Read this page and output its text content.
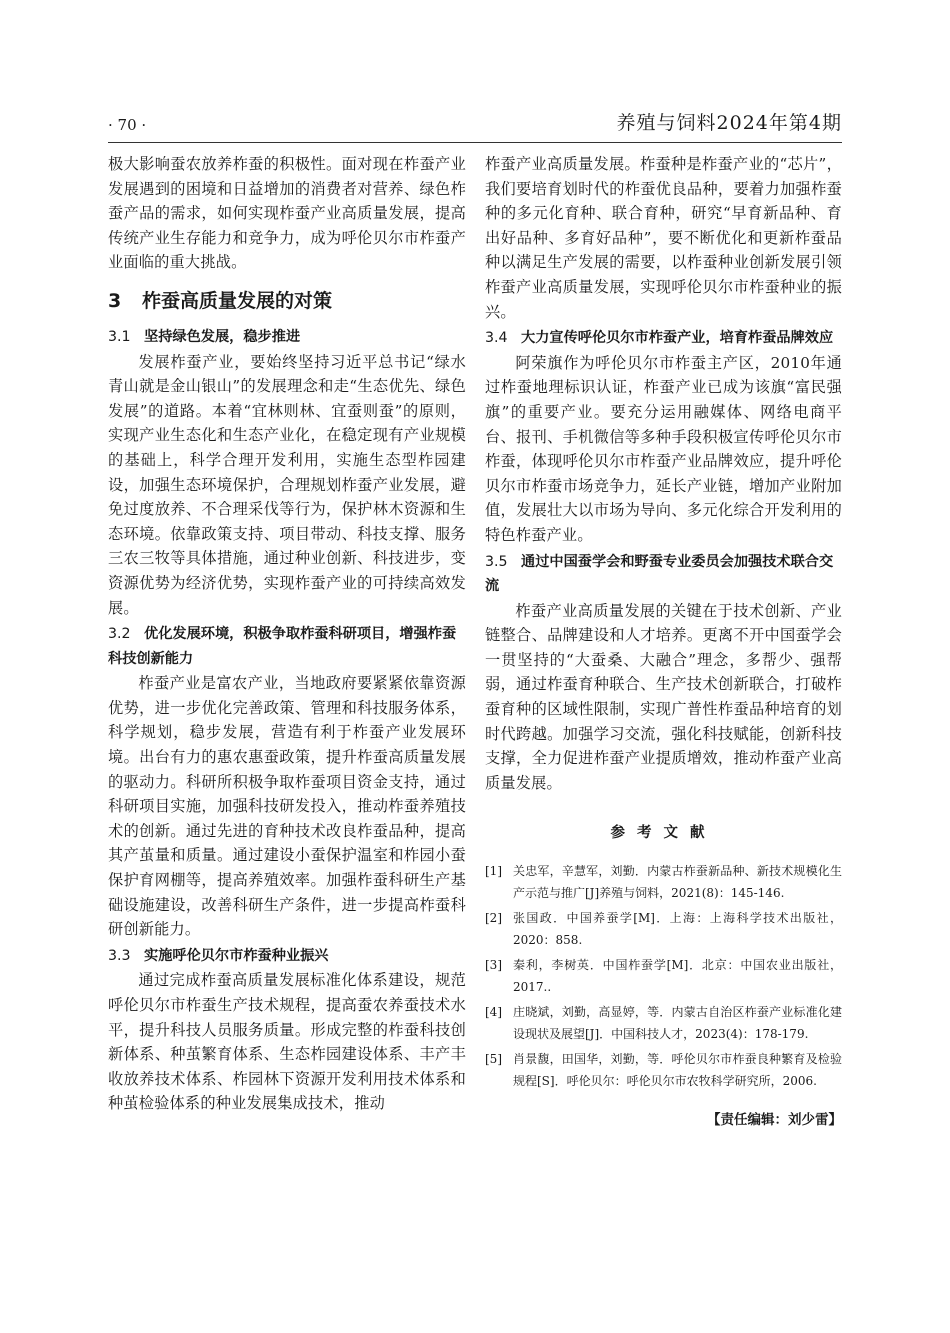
· 70 ·	养殖与饲料2024年第4期

极大影响蚕农放养柞蚕的积极性。面对现在柞蚕产业发展遇到的困境和日益增加的消费者对营养、绿色柞蚕产品的需求，如何实现柞蚕产业高质量发展，提高传统产业生存能力和竞争力，成为呼伦贝尔市柞蚕产业面临的重大挑战。

3 柞蚕高质量发展的对策
3.1 坚持绿色发展，稳步推进

发展柞蚕产业，要始终坚持习近平总书记“绿水青山就是金山银山”的发展理念和走“生态优先、绿色发展”的道路。本着“宜林则林、宜蚕则蚕”的原则，实现产业生态化和生态产业化，在稳定现有产业规模的基础上，科学合理开发利用，实施生态型柞园建设，加强生态环境保护，合理规划柞蚕产业发展，避免过度放养、不合理采伐等行为，保护林木资源和生态环境。依靠政策支持、项目带动、科技支撑、服务三农三牧等具体措施，通过种业创新、科技进步，变资源优势为经济优势，实现柞蚕产业的可持续高效发展。

3.2 优化发展环境，积极争取柞蚕科研项目，增强柞蚕科技创新能力

柞蚕产业是富农产业，当地政府要紧紧依靠资源优势，进一步优化完善政策、管理和科技服务体系，科学规划，稳步发展，营造有利于柞蚕产业发展环境。出台有力的惠农惠蚕政策，提升柞蚕高质量发展的驱动力。科研所积极争取柞蚕项目资金支持，通过科研项目实施，加强科技研发投入，推动柞蚕养殖技术的创新。通过先进的育种技术改良柞蚕品种，提高其产茧量和质量。通过建设小蚕保护温室和柞园小蚕保护育网棚等，提高养殖效率。加强柞蚕科研生产基础设施建设，改善科研生产条件，进一步提高柞蚕科研创新能力。

3.3 实施呼伦贝尔市柞蚕种业振兴

通过完成柞蚕高质量发展标准化体系建设，规范呼伦贝尔市柞蚕生产技术规程，提高蚕农养蚕技术水平，提升科技人员服务质量。形成完整的柞蚕科技创新体系、种茧繁育体系、生态柞园建设体系、丰产丰收放养技术体系、柞园林下资源开发利用技术体系和种茧检验体系的种业发展集成技术，推动

柞蚕产业高质量发展。柞蚕种是柞蚕产业的“芯片”，我们要培育划时代的柞蚕优良品种，要着力加强柞蚕种的多元化育种、联合育种，研究“早育新品种、育出好品种、多育好品种”，要不断优化和更新柞蚕品种以满足生产发展的需要，以柞蚕种业创新发展引领柞蚕产业高质量发展，实现呼伦贝尔市柞蚕种业的振兴。

3.4 大力宣传呼伦贝尔市柞蚕产业，培育柞蚕品牌效应

阿荣旗作为呼伦贝尔市柞蚕主产区，2010年通过柞蚕地理标识认证，柞蚕产业已成为该旗“富民强旗”的重要产业。要充分运用融媒体、网络电商平台、报刊、手机微信等多种手段积极宣传呼伦贝尔市柞蚕，体现呼伦贝尔市柞蚕产业品牌效应，提升呼伦贝尔市柞蚕市场竞争力，延长产业链，增加产业附加值，发展壮大以市场为导向、多元化综合开发利用的特色柞蚕产业。

3.5 通过中国蚕学会和野蚕专业委员会加强技术联合交流

柞蚕产业高质量发展的关键在于技术创新、产业链整合、品牌建设和人才培养。更离不开中国蚕学会一贯坚持的“大蚕桑、大融合”理念，多帮少、强帮弱，通过柞蚕育种联合、生产技术创新联合，打破柞蚕育种的区域性限制，实现广普性柞蚕品种培育的划时代跨越。加强学习交流，强化科技赋能，创新科技支撑，全力促进柞蚕产业提质增效，推动柞蚕产业高质量发展。

参考文献
[1] 关忠军，辛慧军，刘勤．内蒙古柞蚕新品种、新技术规模化生产示范与推广[J]养殖与饲料，2021(8)：145-146.
[2] 张国政．中国养蚕学[M]．上海：上海科学技术出版社，2020：858.
[3] 秦利，李树英．中国柞蚕学[M]．北京：中国农业出版社，2017..
[4] 庄晓斌，刘勤，高显婷，等．内蒙古自治区柞蚕产业标准化建设现状及展望[J]．中国科技人才，2023(4)：178-179.
[5] 肖景馥，田国华，刘勤，等．呼伦贝尔市柞蚕良种繁育及检验规程[S]．呼伦贝尔：呼伦贝尔市农牧科学研究所，2006.
【责任编辑：刘少雷】
